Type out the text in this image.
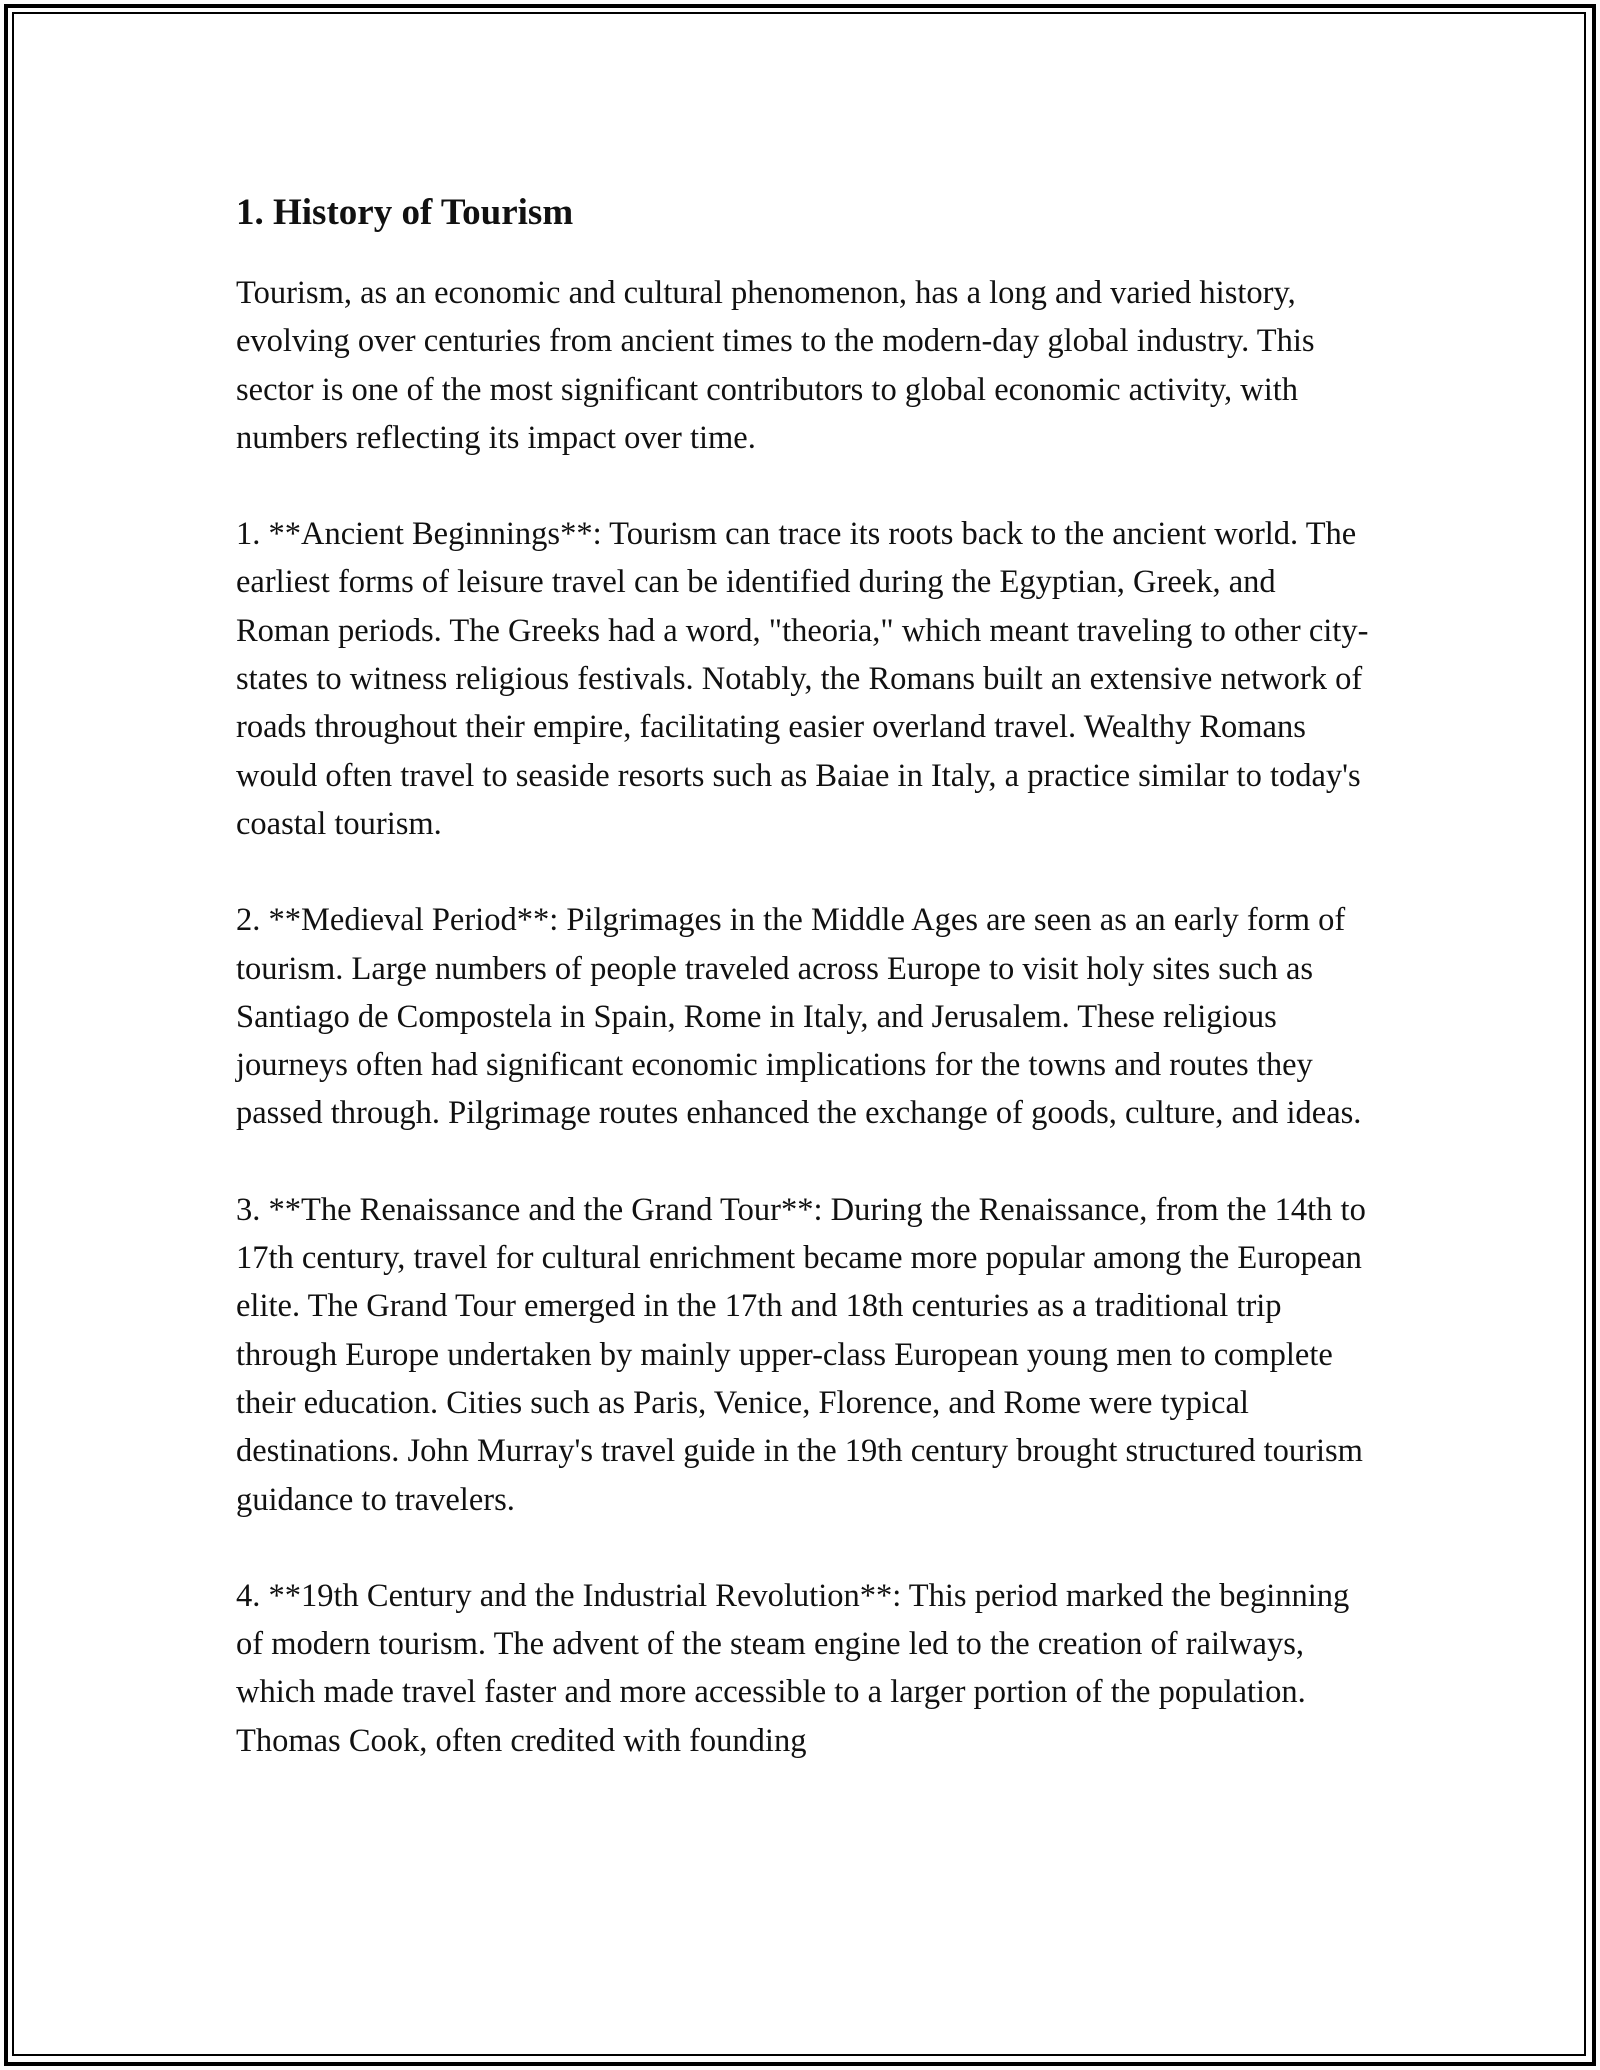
1. History of Tourism

Tourism, as an economic and cultural phenomenon, has a long and varied history, evolving over centuries from ancient times to the modern-day global industry. This sector is one of the most significant contributors to global economic activity, with numbers reflecting its impact over time.

1. **Ancient Beginnings**: Tourism can trace its roots back to the ancient world. The earliest forms of leisure travel can be identified during the Egyptian, Greek, and Roman periods. The Greeks had a word, "theoria," which meant traveling to other city-states to witness religious festivals. Notably, the Romans built an extensive network of roads throughout their empire, facilitating easier overland travel. Wealthy Romans would often travel to seaside resorts such as Baiae in Italy, a practice similar to today's coastal tourism.

2. **Medieval Period**: Pilgrimages in the Middle Ages are seen as an early form of tourism. Large numbers of people traveled across Europe to visit holy sites such as Santiago de Compostela in Spain, Rome in Italy, and Jerusalem. These religious journeys often had significant economic implications for the towns and routes they passed through. Pilgrimage routes enhanced the exchange of goods, culture, and ideas.

3. **The Renaissance and the Grand Tour**: During the Renaissance, from the 14th to 17th century, travel for cultural enrichment became more popular among the European elite. The Grand Tour emerged in the 17th and 18th centuries as a traditional trip through Europe undertaken by mainly upper-class European young men to complete their education. Cities such as Paris, Venice, Florence, and Rome were typical destinations. John Murray's travel guide in the 19th century brought structured tourism guidance to travelers.

4. **19th Century and the Industrial Revolution**: This period marked the beginning of modern tourism. The advent of the steam engine led to the creation of railways, which made travel faster and more accessible to a larger portion of the population. Thomas Cook, often credited with founding
